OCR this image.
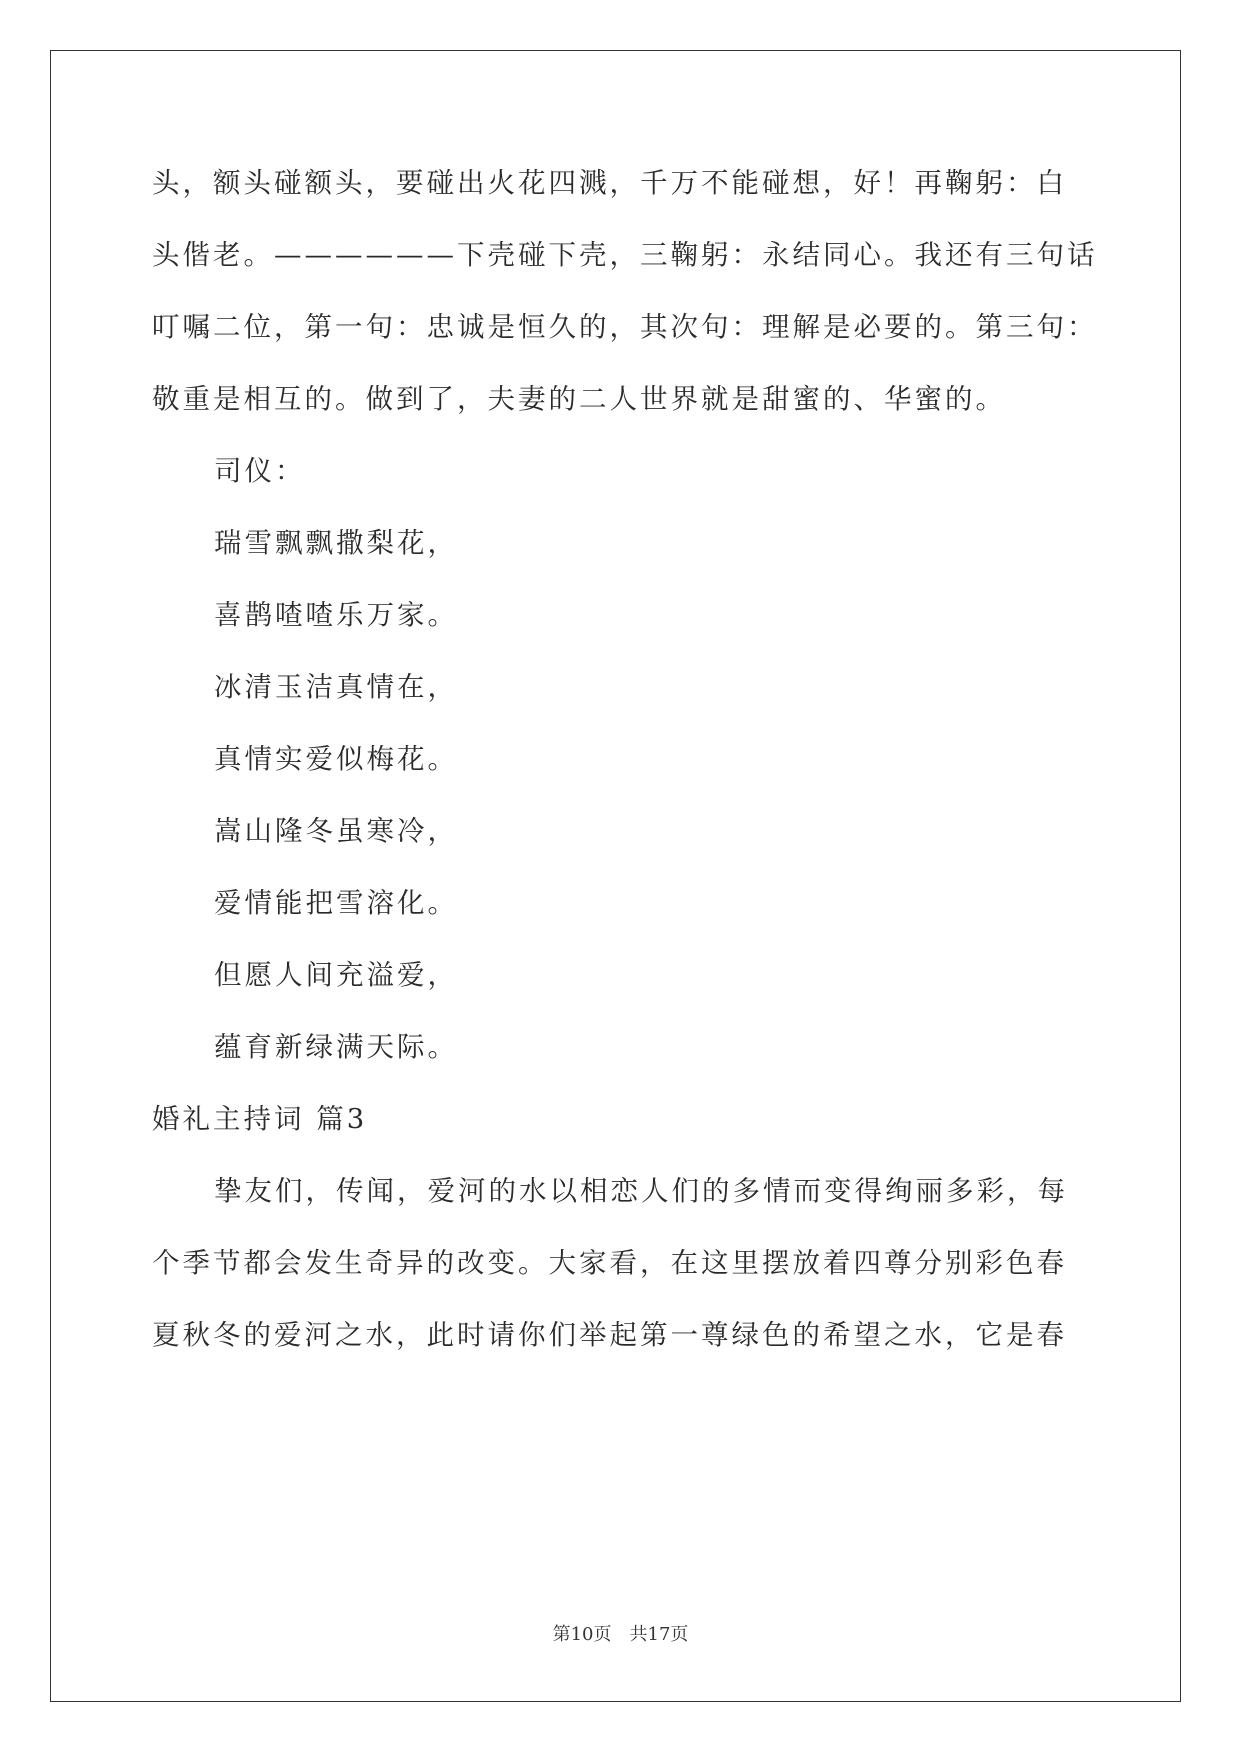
头，额头碰额头，要碰出火花四溅，千万不能碰想，好！再鞠躬：白
头偕老。——————下壳碰下壳，三鞠躬：永结同心。我还有三句话
叮嘱二位，第一句：忠诚是恒久的，其次句：理解是必要的。第三句：
敬重是相互的。做到了，夫妻的二人世界就是甜蜜的、华蜜的。
司仪：
瑞雪飘飘撒梨花，
喜鹊喳喳乐万家。
冰清玉洁真情在，
真情实爱似梅花。
嵩山隆冬虽寒冷，
爱情能把雪溶化。
但愿人间充溢爱，
蕴育新绿满天际。
婚礼主持词 篇3
挚友们，传闻，爱河的水以相恋人们的多情而变得绚丽多彩，每
个季节都会发生奇异的改变。大家看，在这里摆放着四尊分别彩色春
夏秋冬的爱河之水，此时请你们举起第一尊绿色的希望之水，它是春
第10页　共17页
